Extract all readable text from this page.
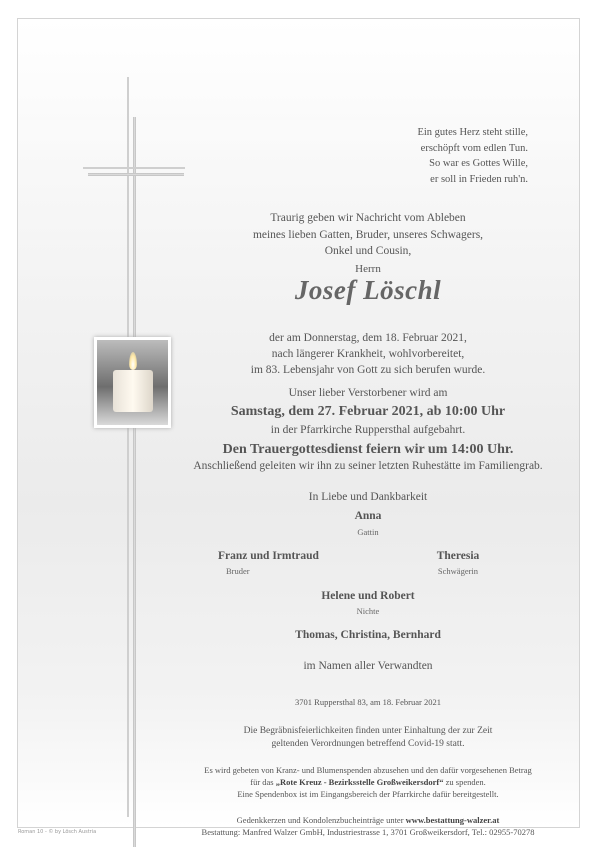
Ein gutes Herz steht stille,
erschöpft vom edlen Tun.
So war es Gottes Wille,
er soll in Frieden ruh'n.
Traurig geben wir Nachricht vom Ableben
meines lieben Gatten, Bruder, unseres Schwagers,
Onkel und Cousin,
Herrn
Josef Löschl
der am Donnerstag, dem 18. Februar 2021,
nach längerer Krankheit, wohlvorbereitet,
im 83. Lebensjahr von Gott zu sich berufen wurde.
Unser lieber Verstorbener wird am
Samstag, dem 27. Februar 2021, ab 10:00 Uhr
in der Pfarrkirche Ruppersthal aufgebahrt.
Den Trauergottesdienst feiern wir um 14:00 Uhr.
Anschließend geleiten wir ihn zu seiner letzten Ruhestätte im Familiengrab.
In Liebe und Dankbarkeit
Anna
Gattin
Franz und Irmtraud
Bruder
Theresia
Schwägerin
Helene und Robert
Nichte
Thomas, Christina, Bernhard
im Namen aller Verwandten
3701 Ruppersthal 83, am 18. Februar 2021
Die Begräbnisfeierlichkeiten finden unter Einhaltung der zur Zeit
geltenden Verordnungen betreffend Covid-19 statt.
Es wird gebeten von Kranz- und Blumenspenden abzusehen und den dafür vorgesehenen Betrag
für das „Rote Kreuz - Bezirksstelle Großweikersdorf“ zu spenden.
Eine Spendenbox ist im Eingangsbereich der Pfarrkirche dafür bereitgestellt.
Gedenkkerzen und Kondolenzbucheinträge unter www.bestattung-walzer.at
Bestattung: Manfred Walzer GmbH, Industriestrasse 1, 3701 Großweikersdorf, Tel.: 02955-70278
Roman 10 - © by Lösch Austria
